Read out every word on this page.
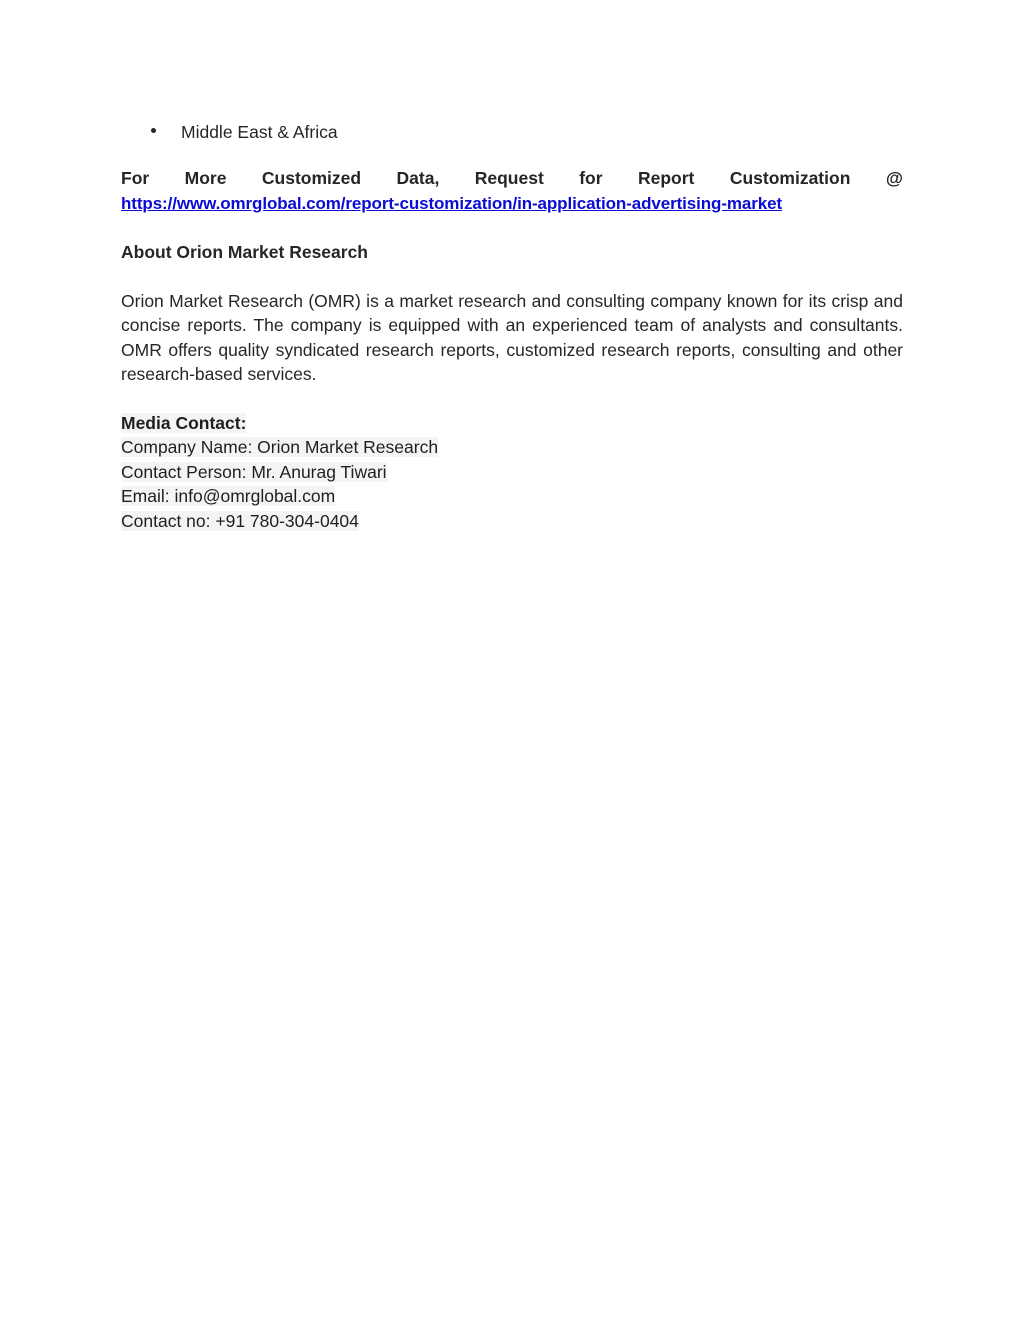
Middle East & Africa
For More Customized Data, Request for Report Customization @
https://www.omrglobal.com/report-customization/in-application-advertising-market
About Orion Market Research
Orion Market Research (OMR) is a market research and consulting company known for its crisp and concise reports. The company is equipped with an experienced team of analysts and consultants. OMR offers quality syndicated research reports, customized research reports, consulting and other research-based services.
Media Contact:
Company Name: Orion Market Research
Contact Person: Mr. Anurag Tiwari
Email: info@omrglobal.com
Contact no: +91 780-304-0404
